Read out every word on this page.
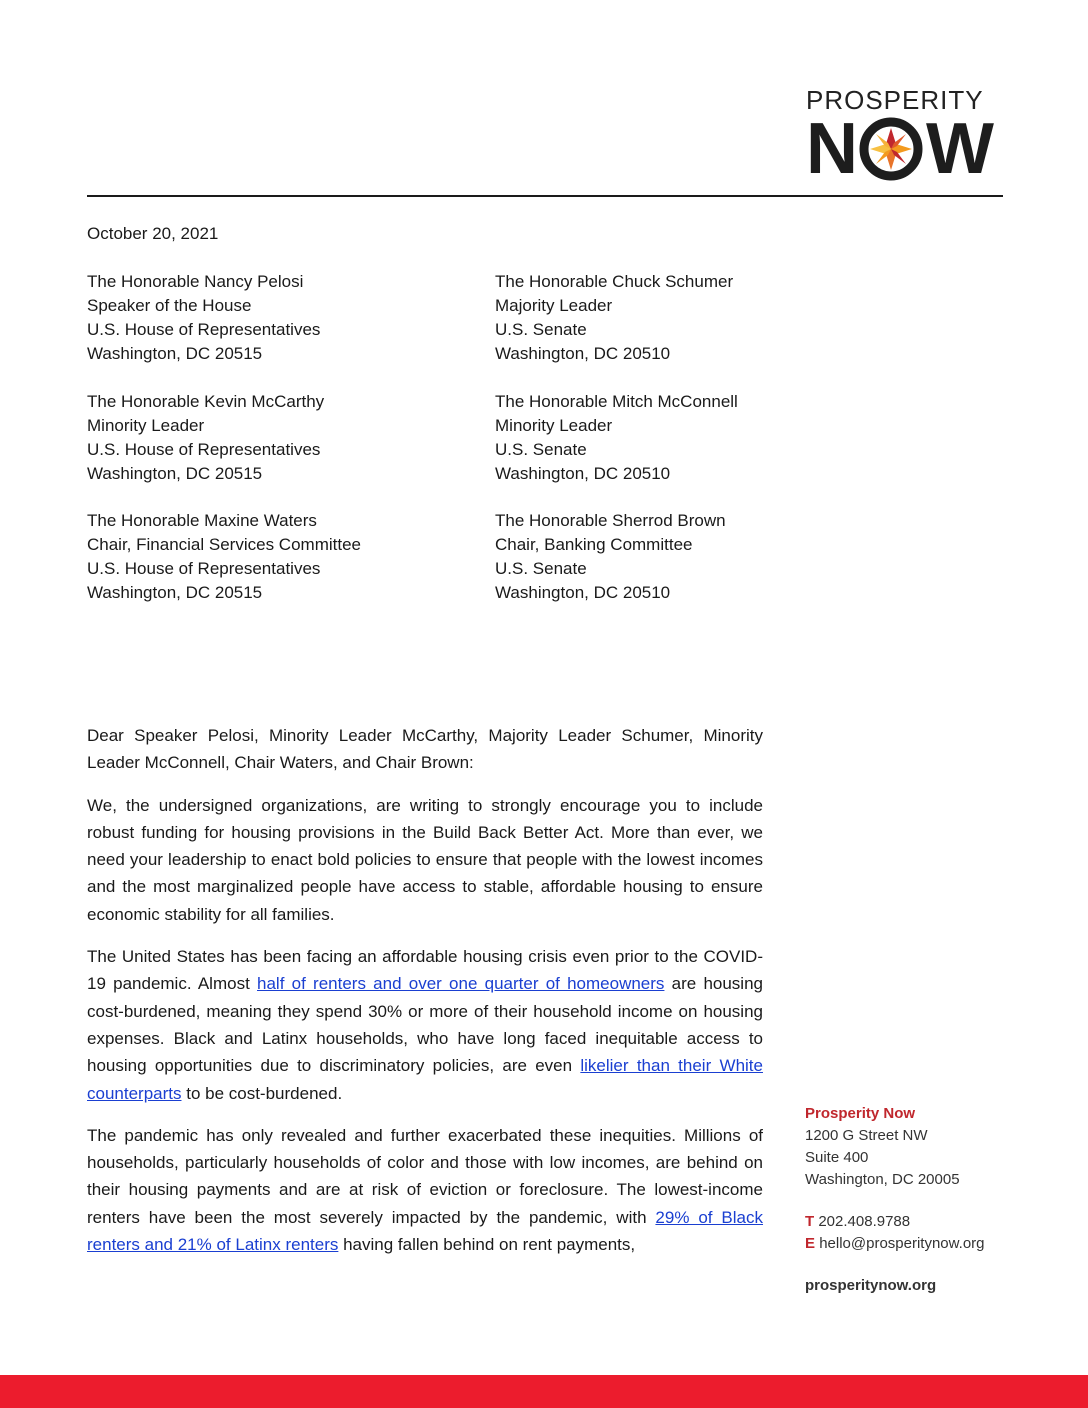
PROSPERITY
N W
October 20, 2021
The Honorable Nancy Pelosi
Speaker of the House
U.S. House of Representatives
Washington, DC 20515
The Honorable Chuck Schumer
Majority Leader
U.S. Senate
Washington, DC 20510
The Honorable Kevin McCarthy
Minority Leader
U.S. House of Representatives
Washington, DC 20515
The Honorable Mitch McConnell
Minority Leader
U.S. Senate
Washington, DC 20510
The Honorable Maxine Waters
Chair, Financial Services Committee
U.S. House of Representatives
Washington, DC 20515
The Honorable Sherrod Brown
Chair, Banking Committee
U.S. Senate
Washington, DC 20510

Dear Speaker Pelosi, Minority Leader McCarthy, Majority Leader Schumer, Minority Leader McConnell, Chair Waters, and Chair Brown:

We, the undersigned organizations, are writing to strongly encourage you to include robust funding for housing provisions in the Build Back Better Act. More than ever, we need your leadership to enact bold policies to ensure that people with the lowest incomes and the most marginalized people have access to stable, affordable housing to ensure economic stability for all families.

The United States has been facing an affordable housing crisis even prior to the COVID-19 pandemic. Almost half of renters and over one quarter of homeowners are housing cost-burdened, meaning they spend 30% or more of their household income on housing expenses. Black and Latinx households, who have long faced inequitable access to housing opportunities due to discriminatory policies, are even likelier than their White counterparts to be cost-burdened.

The pandemic has only revealed and further exacerbated these inequities. Millions of households, particularly households of color and those with low incomes, are behind on their housing payments and are at risk of eviction or foreclosure. The lowest-income renters have been the most severely impacted by the pandemic, with 29% of Black renters and 21% of Latinx renters having fallen behind on rent payments,

Prosperity Now
1200 G Street NW
Suite 400
Washington, DC 20005
T 202.408.9788
E hello@prosperitynow.org
prosperitynow.org
